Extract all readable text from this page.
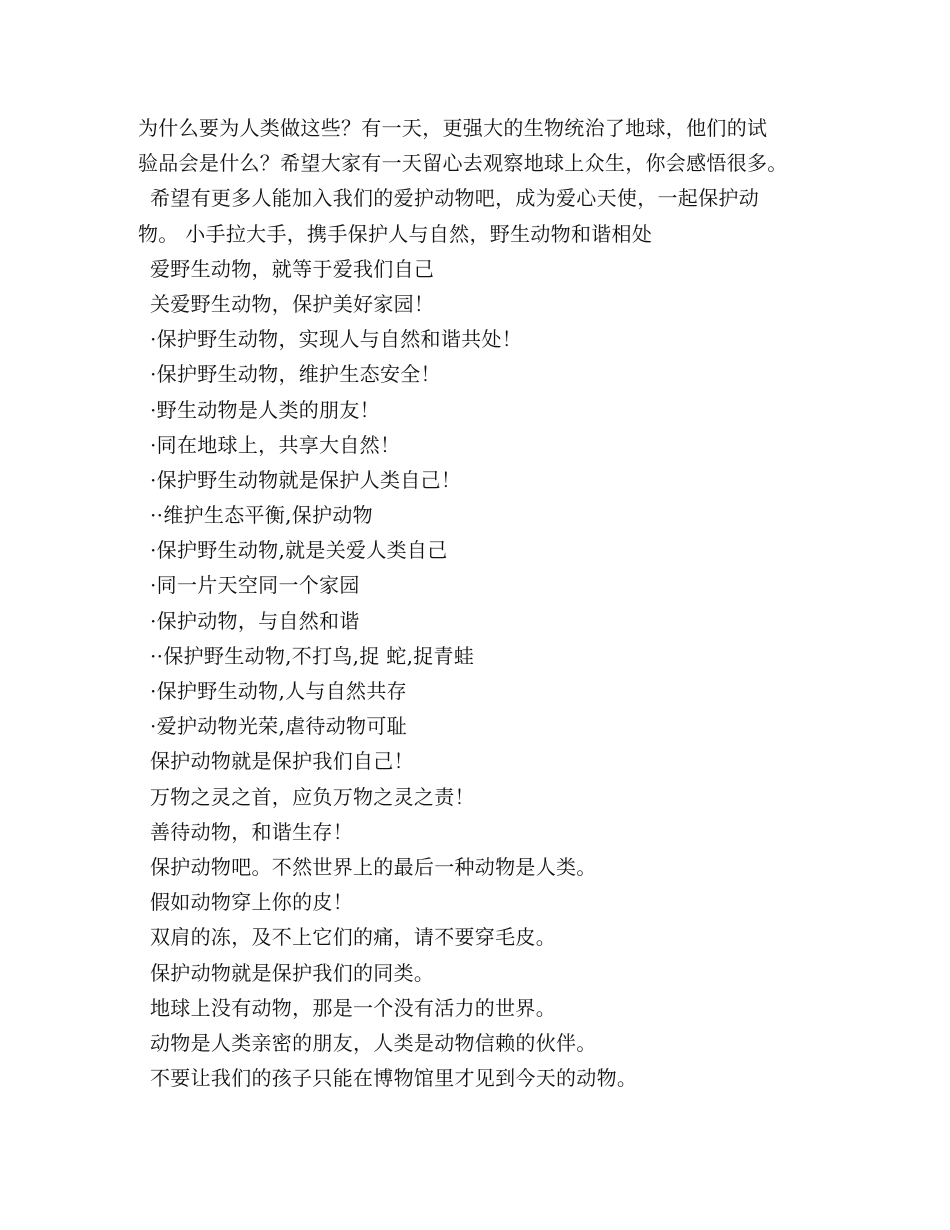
为什么要为人类做这些？有一天，更强大的生物统治了地球，他们的试
验品会是什么？希望大家有一天留心去观察地球上众生，你会感悟很多。
希望有更多人能加入我们的爱护动物吧，成为爱心天使，一起保护动
物。 小手拉大手，携手保护人与自然，野生动物和谐相处
爱野生动物，就等于爱我们自己
关爱野生动物，保护美好家园！
·保护野生动物，实现人与自然和谐共处！
·保护野生动物，维护生态安全！
·野生动物是人类的朋友！
·同在地球上，共享大自然！
·保护野生动物就是保护人类自己！
··维护生态平衡,保护动物
·保护野生动物,就是关爱人类自己
·同一片天空同一个家园
·保护动物，与自然和谐
··保护野生动物,不打鸟,捉 蛇,捉青蛙
·保护野生动物,人与自然共存
·爱护动物光荣,虐待动物可耻
保护动物就是保护我们自己！
万物之灵之首，应负万物之灵之责！
善待动物，和谐生存！
保护动物吧。不然世界上的最后一种动物是人类。
假如动物穿上你的皮！
双肩的冻，及不上它们的痛，请不要穿毛皮。
保护动物就是保护我们的同类。
地球上没有动物，那是一个没有活力的世界。
动物是人类亲密的朋友，人类是动物信赖的伙伴。
不要让我们的孩子只能在博物馆里才见到今天的动物。
